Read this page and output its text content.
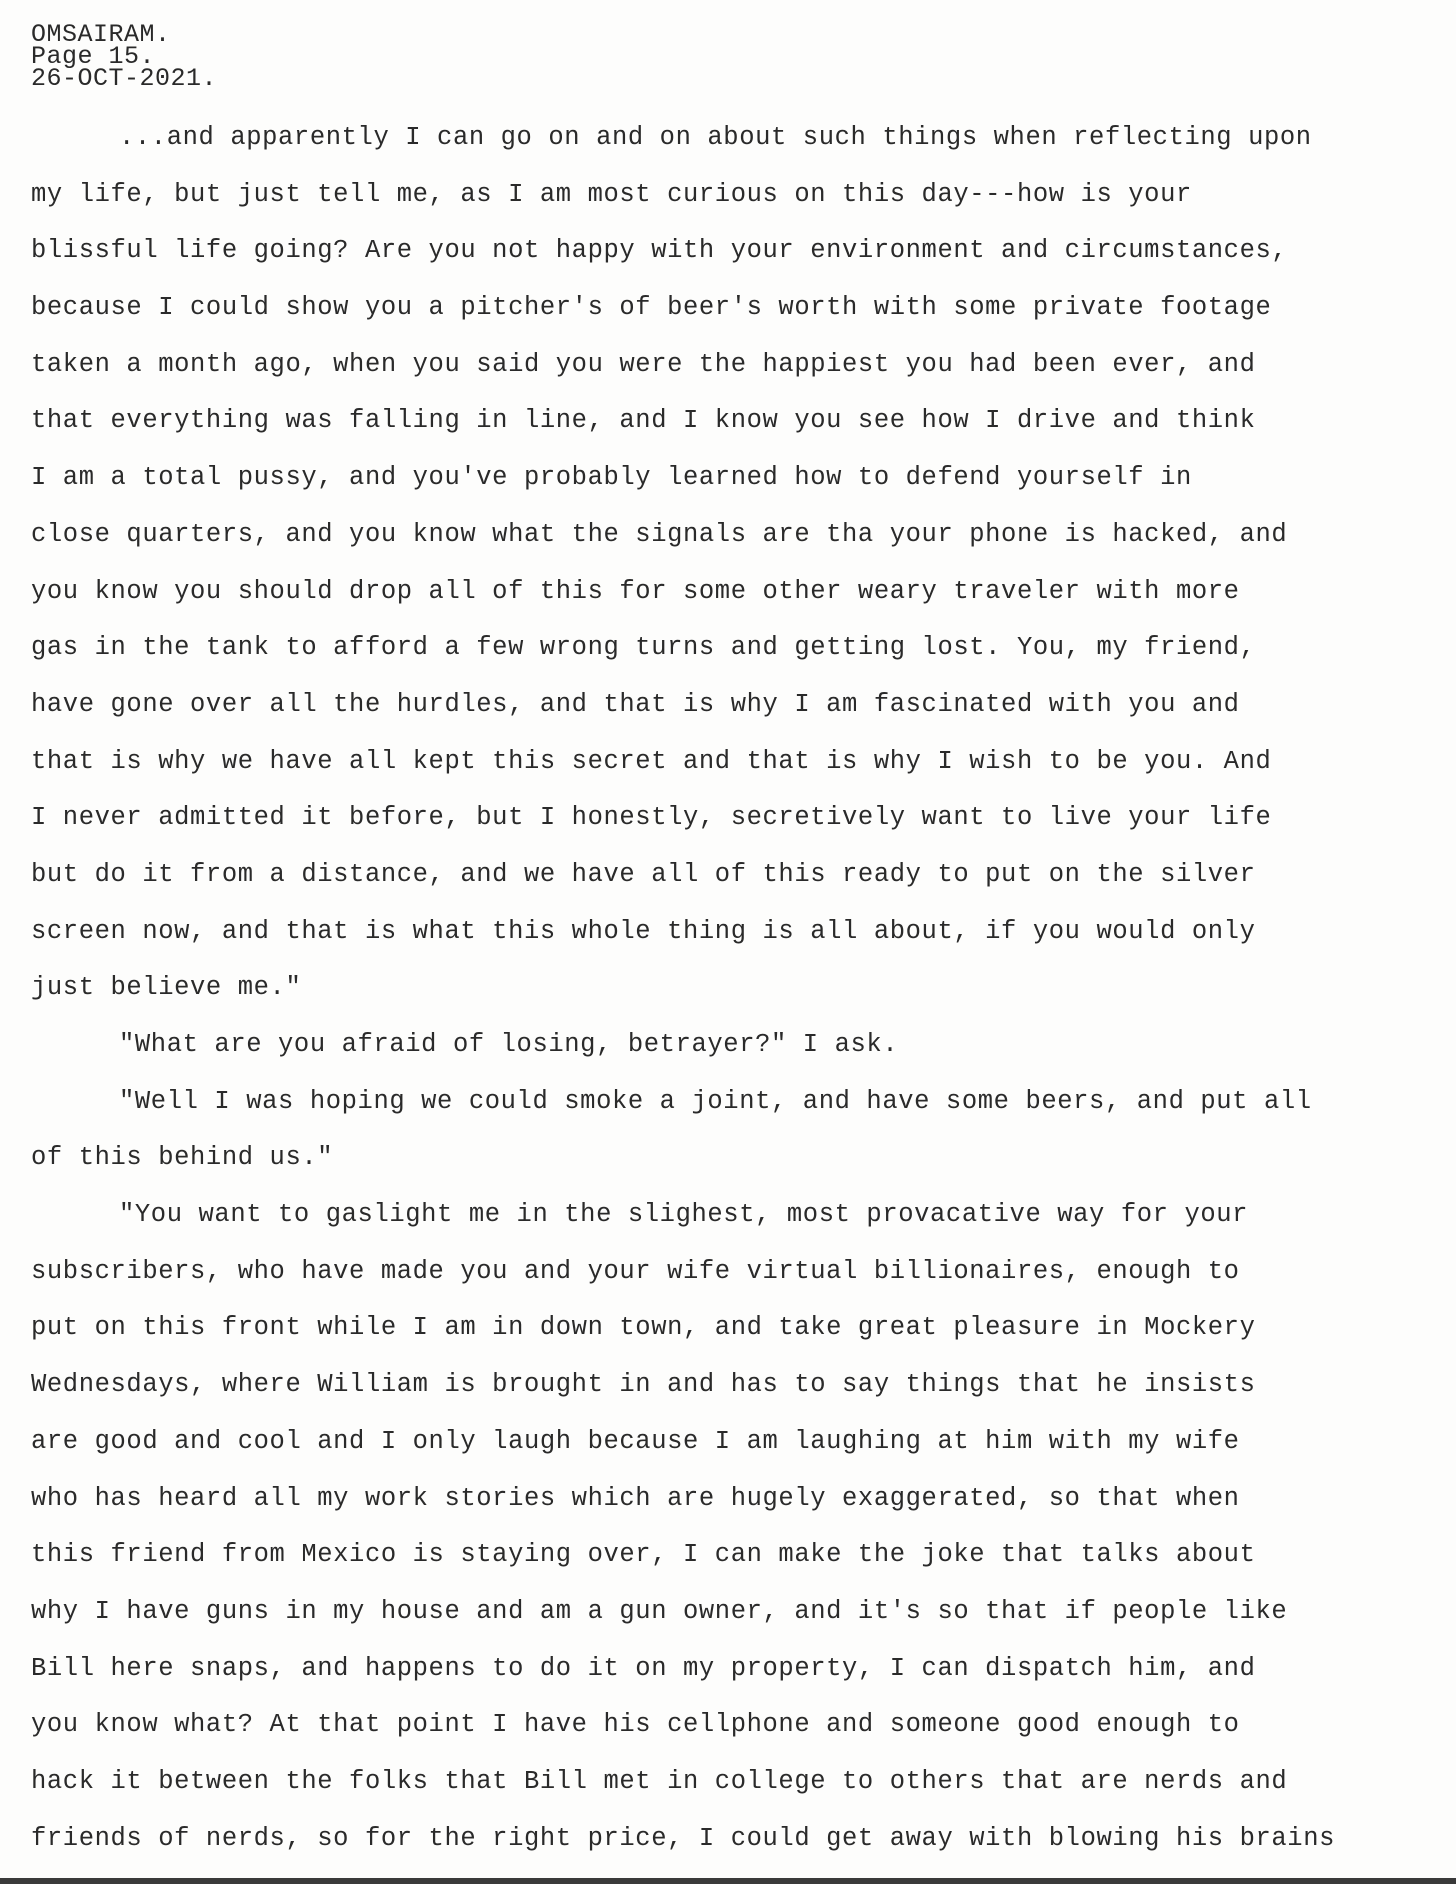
OMSAIRAM.
Page 15.
26-OCT-2021.
...and apparently I can go on and on about such things when reflecting upon
my life, but just tell me, as I am most curious on this day---how is your
blissful life going? Are you not happy with your environment and circumstances,
because I could show you a pitcher's of beer's worth with some private footage
taken a month ago, when you said you were the happiest you had been ever, and
that everything was falling in line, and I know you see how I drive and think
I am a total pussy, and you've probably learned how to defend yourself in
close quarters, and you know what the signals are tha your phone is hacked, and
you know you should drop all of this for some other weary traveler with more
gas in the tank to afford a few wrong turns and getting lost. You, my friend,
have gone over all the hurdles, and that is why I am fascinated with you and
that is why we have all kept this secret and that is why I wish to be you. And
I never admitted it before, but I honestly, secretively want to live your life
but do it from a distance, and we have all of this ready to put on the silver
screen now, and that is what this whole thing is all about, if you would only
just believe me."
"What are you afraid of losing, betrayer?" I ask.
"Well I was hoping we could smoke a joint, and have some beers, and put all
of this behind us."
"You want to gaslight me in the slighest, most provacative way for your
subscribers, who have made you and your wife virtual billionaires, enough to
put on this front while I am in down town, and take great pleasure in Mockery
Wednesdays, where William is brought in and has to say things that he insists
are good and cool and I only laugh because I am laughing at him with my wife
who has heard all my work stories which are hugely exaggerated, so that when
this friend from Mexico is staying over, I can make the joke that talks about
why I have guns in my house and am a gun owner, and it's so that if people like
Bill here snaps, and happens to do it on my property, I can dispatch him, and
you know what? At that point I have his cellphone and someone good enough to
hack it between the folks that Bill met in college to others that are nerds and
friends of nerds, so for the right price, I could get away with blowing his brains
